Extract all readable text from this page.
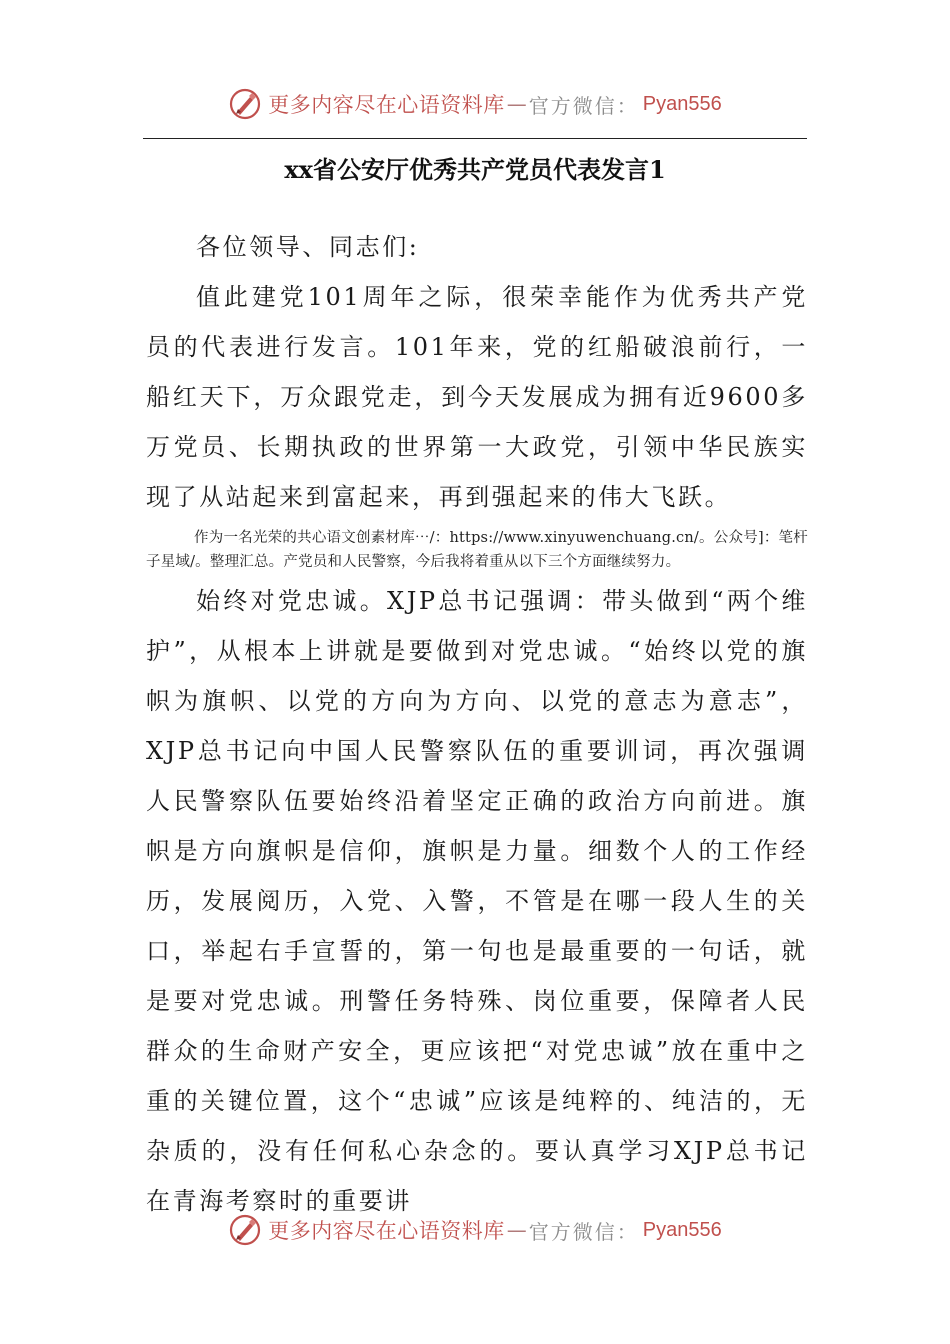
更多内容尽在心语资料库 — 官方微信： Pyan556
xx省公安厅优秀共产党员代表发言1

各位领导、同志们:

值此建党101周年之际，很荣幸能作为优秀共产党员的代表进行发言。101年来，党的红船破浪前行，一船红天下，万众跟党走，到今天发展成为拥有近9600多万党员、长期执政的世界第一大政党，引领中华民族实现了从站起来到富起来，再到强起来的伟大飞跃。

作为一名光荣的共心语文创素材库⋯/：https://www.xinyuwenchuang.cn/。公众号]：笔杆子星域/。整理汇总。产党员和人民警察，今后我将着重从以下三个方面继续努力。

始终对党忠诚。XJP总书记强调：带头做到“两个维护”，从根本上讲就是要做到对党忠诚。“始终以党的旗帜为旗帜、以党的方向为方向、以党的意志为意志”，XJP总书记向中国人民警察队伍的重要训词，再次强调人民警察队伍要始终沿着坚定正确的政治方向前进。旗帜是方向旗帜是信仰，旗帜是力量。细数个人的工作经历，发展阅历，入党、入警，不管是在哪一段人生的关口，举起右手宣誓的，第一句也是最重要的一句话，就是要对党忠诚。刑警任务特殊、岗位重要，保障者人民群众的生命财产安全，更应该把“对党忠诚”放在重中之重的关键位置，这个“忠诚”应该是纯粹的、纯洁的，无杂质的，没有任何私心杂念的。要认真学习XJP总书记在青海考察时的重要讲

更多内容尽在心语资料库 — 官方微信： Pyan556
